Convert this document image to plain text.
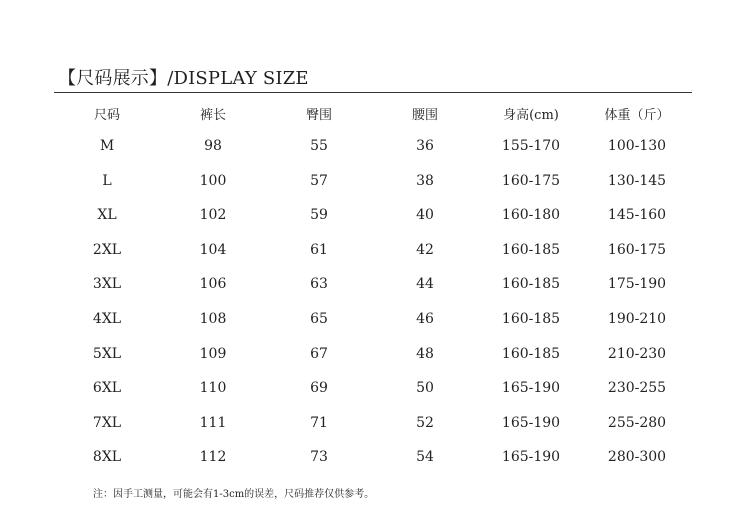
【尺码展示】/DISPLAY SIZE
尺码	裤长	臀围	腰围	身高(cm)	体重（斤）
M	98	55	36	155-170	100-130
L	100	57	38	160-175	130-145
XL	102	59	40	160-180	145-160
2XL	104	61	42	160-185	160-175
3XL	106	63	44	160-185	175-190
4XL	108	65	46	160-185	190-210
5XL	109	67	48	160-185	210-230
6XL	110	69	50	165-190	230-255
7XL	111	71	52	165-190	255-280
8XL	112	73	54	165-190	280-300
注：因手工测量，可能会有1-3cm的误差，尺码推荐仅供参考。
